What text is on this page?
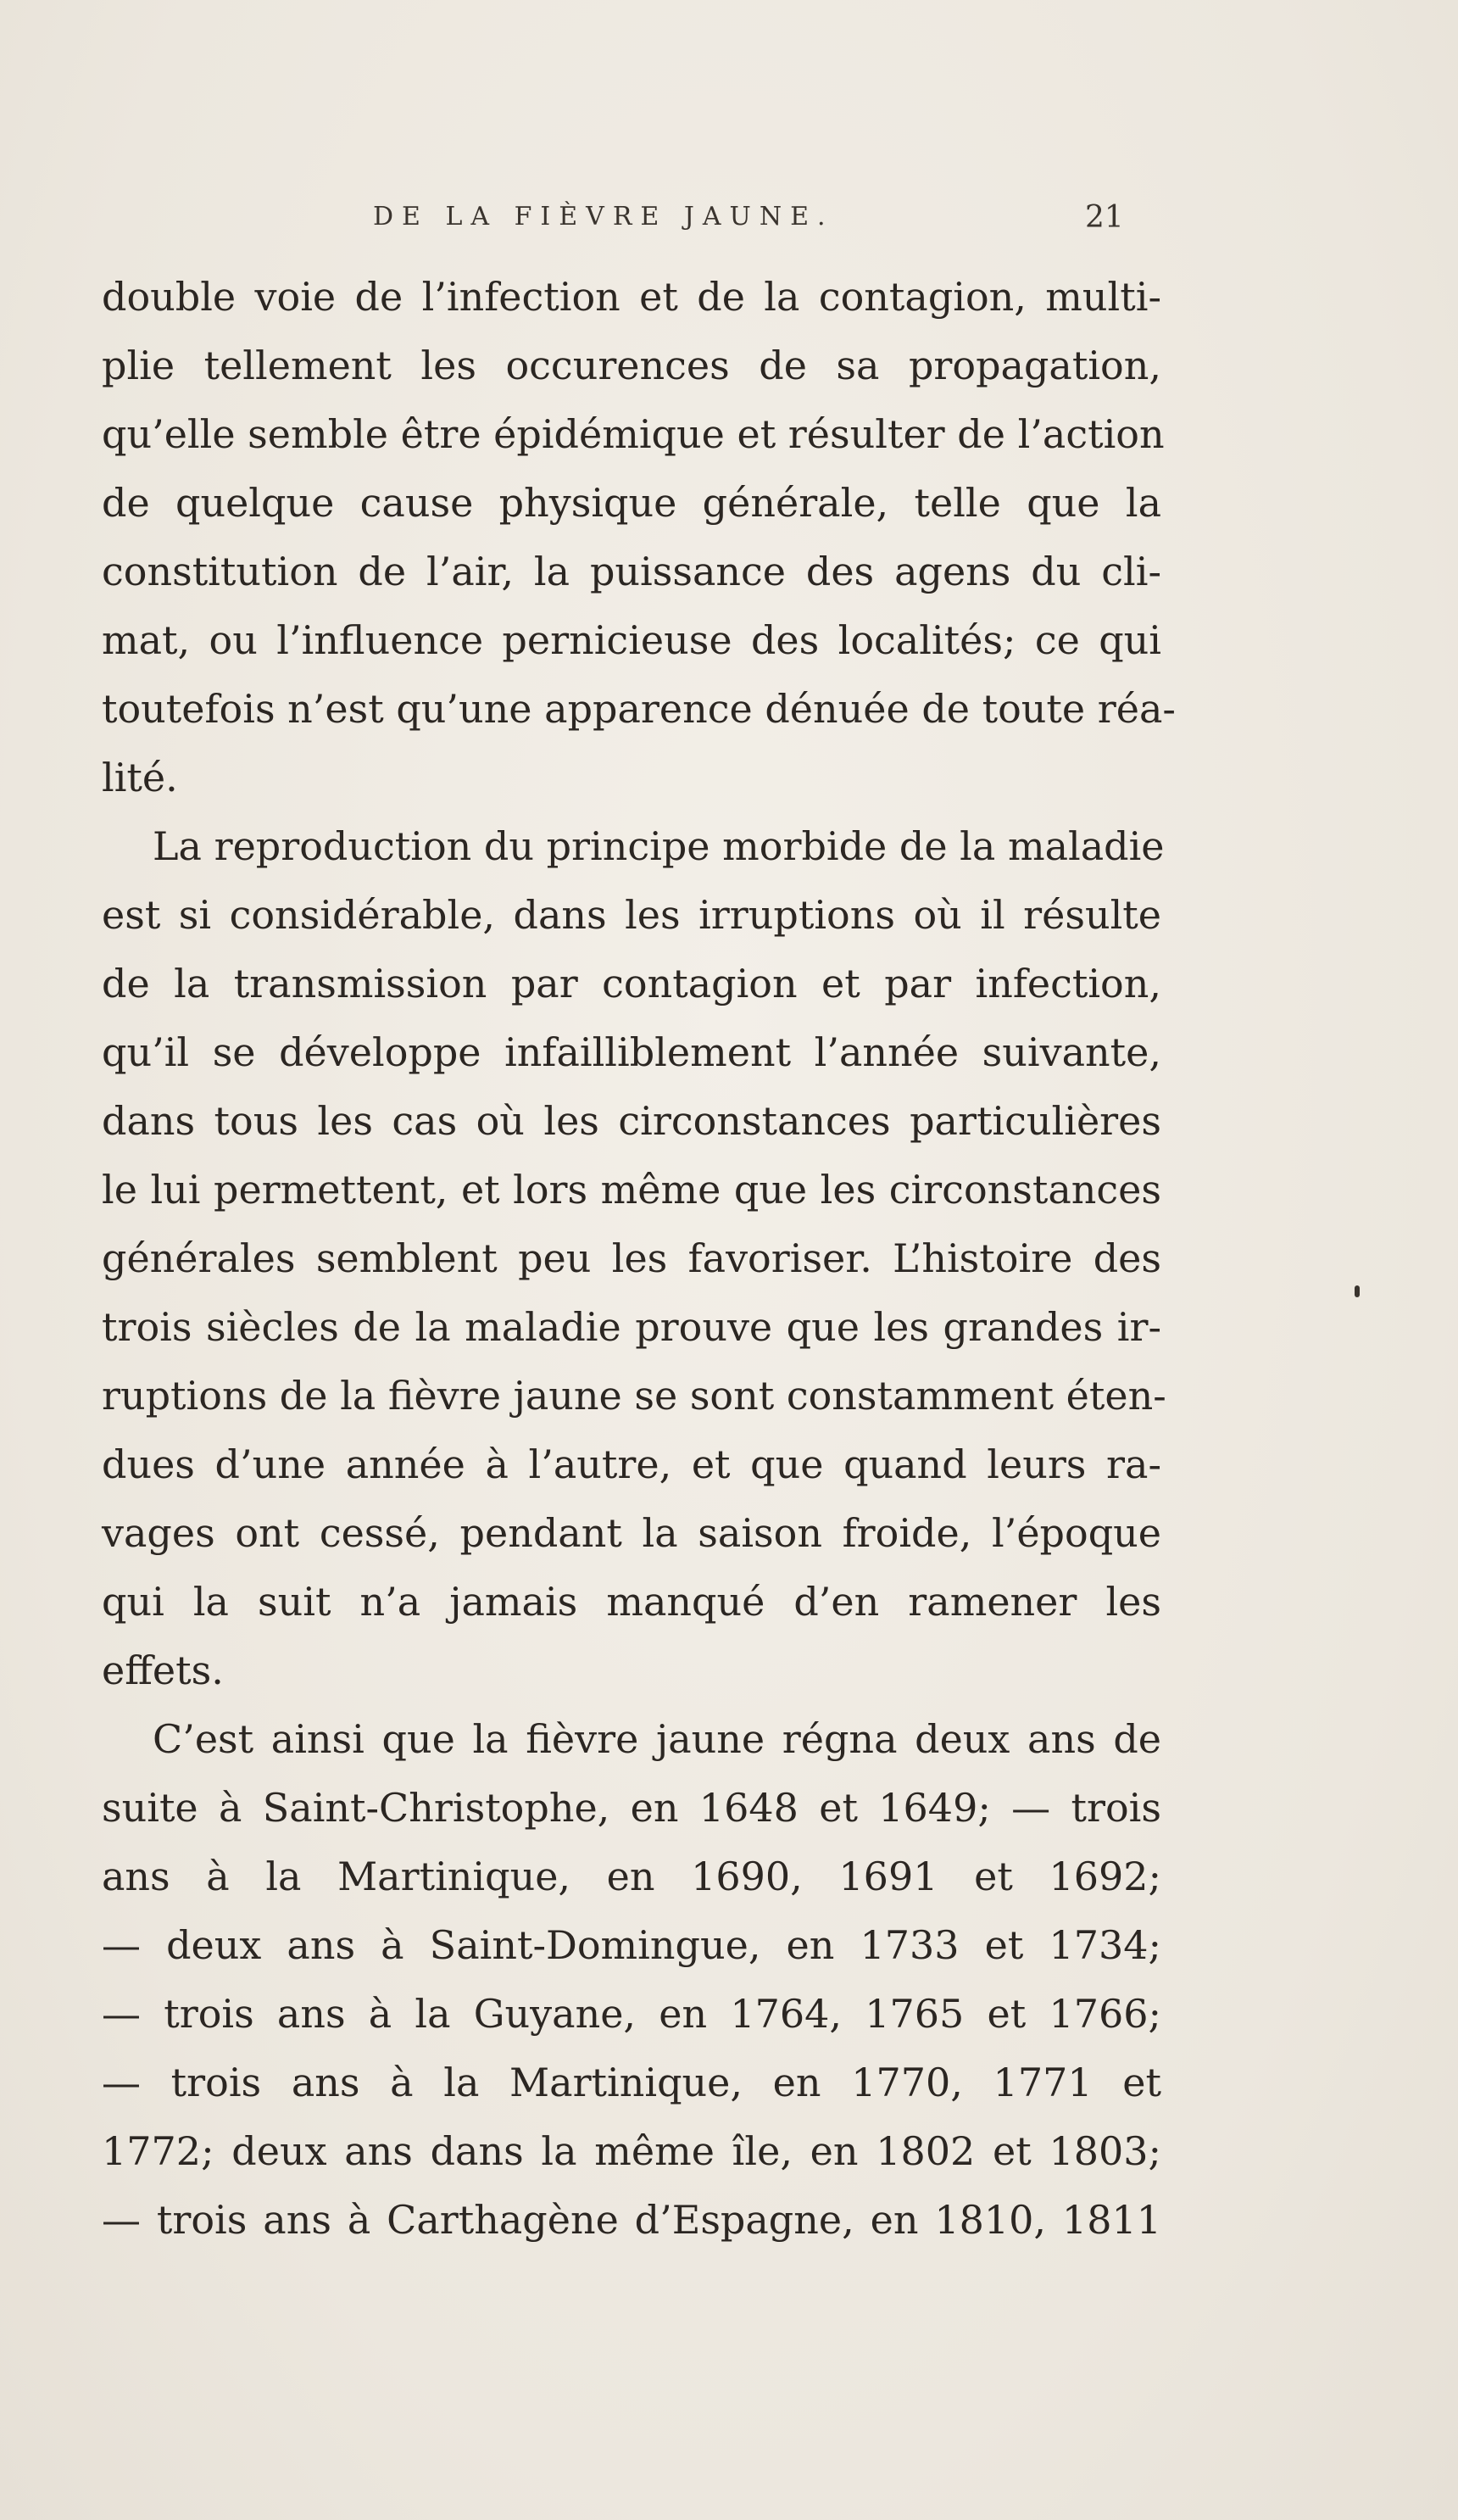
DE LA FIÈVRE JAUNE.	21
double voie de l’infection et de la contagion, multi-
plie tellement les occurences de sa propagation,
qu’elle semble être épidémique et résulter de l’action
de quelque cause physique générale, telle que la
constitution de l’air, la puissance des agens du cli-
mat, ou l’influence pernicieuse des localités; ce qui
toutefois n’est qu’une apparence dénuée de toute réa-
lité.
La reproduction du principe morbide de la maladie
est si considérable, dans les irruptions où il résulte
de la transmission par contagion et par infection,
qu’il se développe infailliblement l’année suivante,
dans tous les cas où les circonstances particulières
le lui permettent, et lors même que les circonstances
générales semblent peu les favoriser. L’histoire des
trois siècles de la maladie prouve que les grandes ir-
ruptions de la fièvre jaune se sont constamment éten-
dues d’une année à l’autre, et que quand leurs ra-
vages ont cessé, pendant la saison froide, l’époque
qui la suit n’a jamais manqué d’en ramener les
effets.
C’est ainsi que la fièvre jaune régna deux ans de
suite à Saint-Christophe, en 1648 et 1649; — trois
ans à la Martinique, en 1690, 1691 et 1692;
— deux ans à Saint-Domingue, en 1733 et 1734;
— trois ans à la Guyane, en 1764, 1765 et 1766;
— trois ans à la Martinique, en 1770, 1771 et
1772; deux ans dans la même île, en 1802 et 1803;
— trois ans à Carthagène d’Espagne, en 1810, 1811
